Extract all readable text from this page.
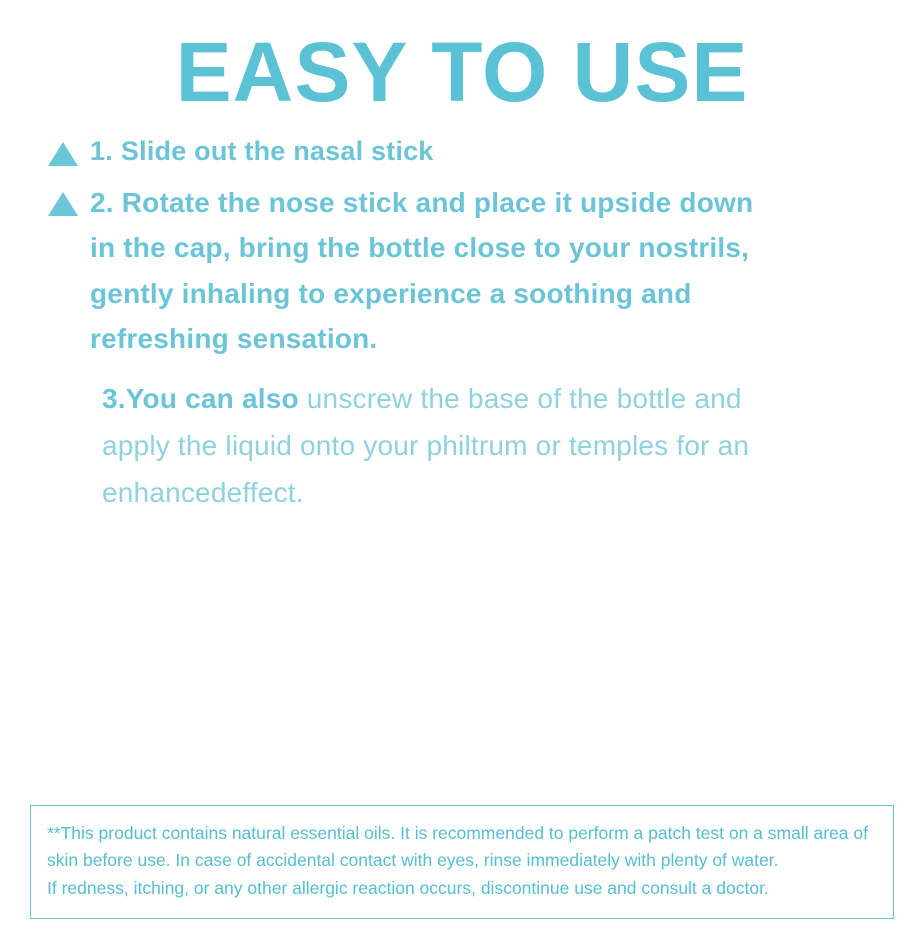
EASY TO USE
1. Slide out the nasal stick
2. Rotate the nose stick and place it upside down
in the cap, bring the bottle close to your nostrils,
gently inhaling to experience a soothing and
refreshing sensation.
3.You can also unscrew the base of the bottle and
apply the liquid onto your philtrum or temples for an
enhancedeffect.

**This product contains natural essential oils. It is recommended to perform a patch test on a small area of skin before use. In case of accidental contact with eyes, rinse immediately with plenty of water.

If redness, itching, or any other allergic reaction occurs, discontinue use and consult a doctor.
